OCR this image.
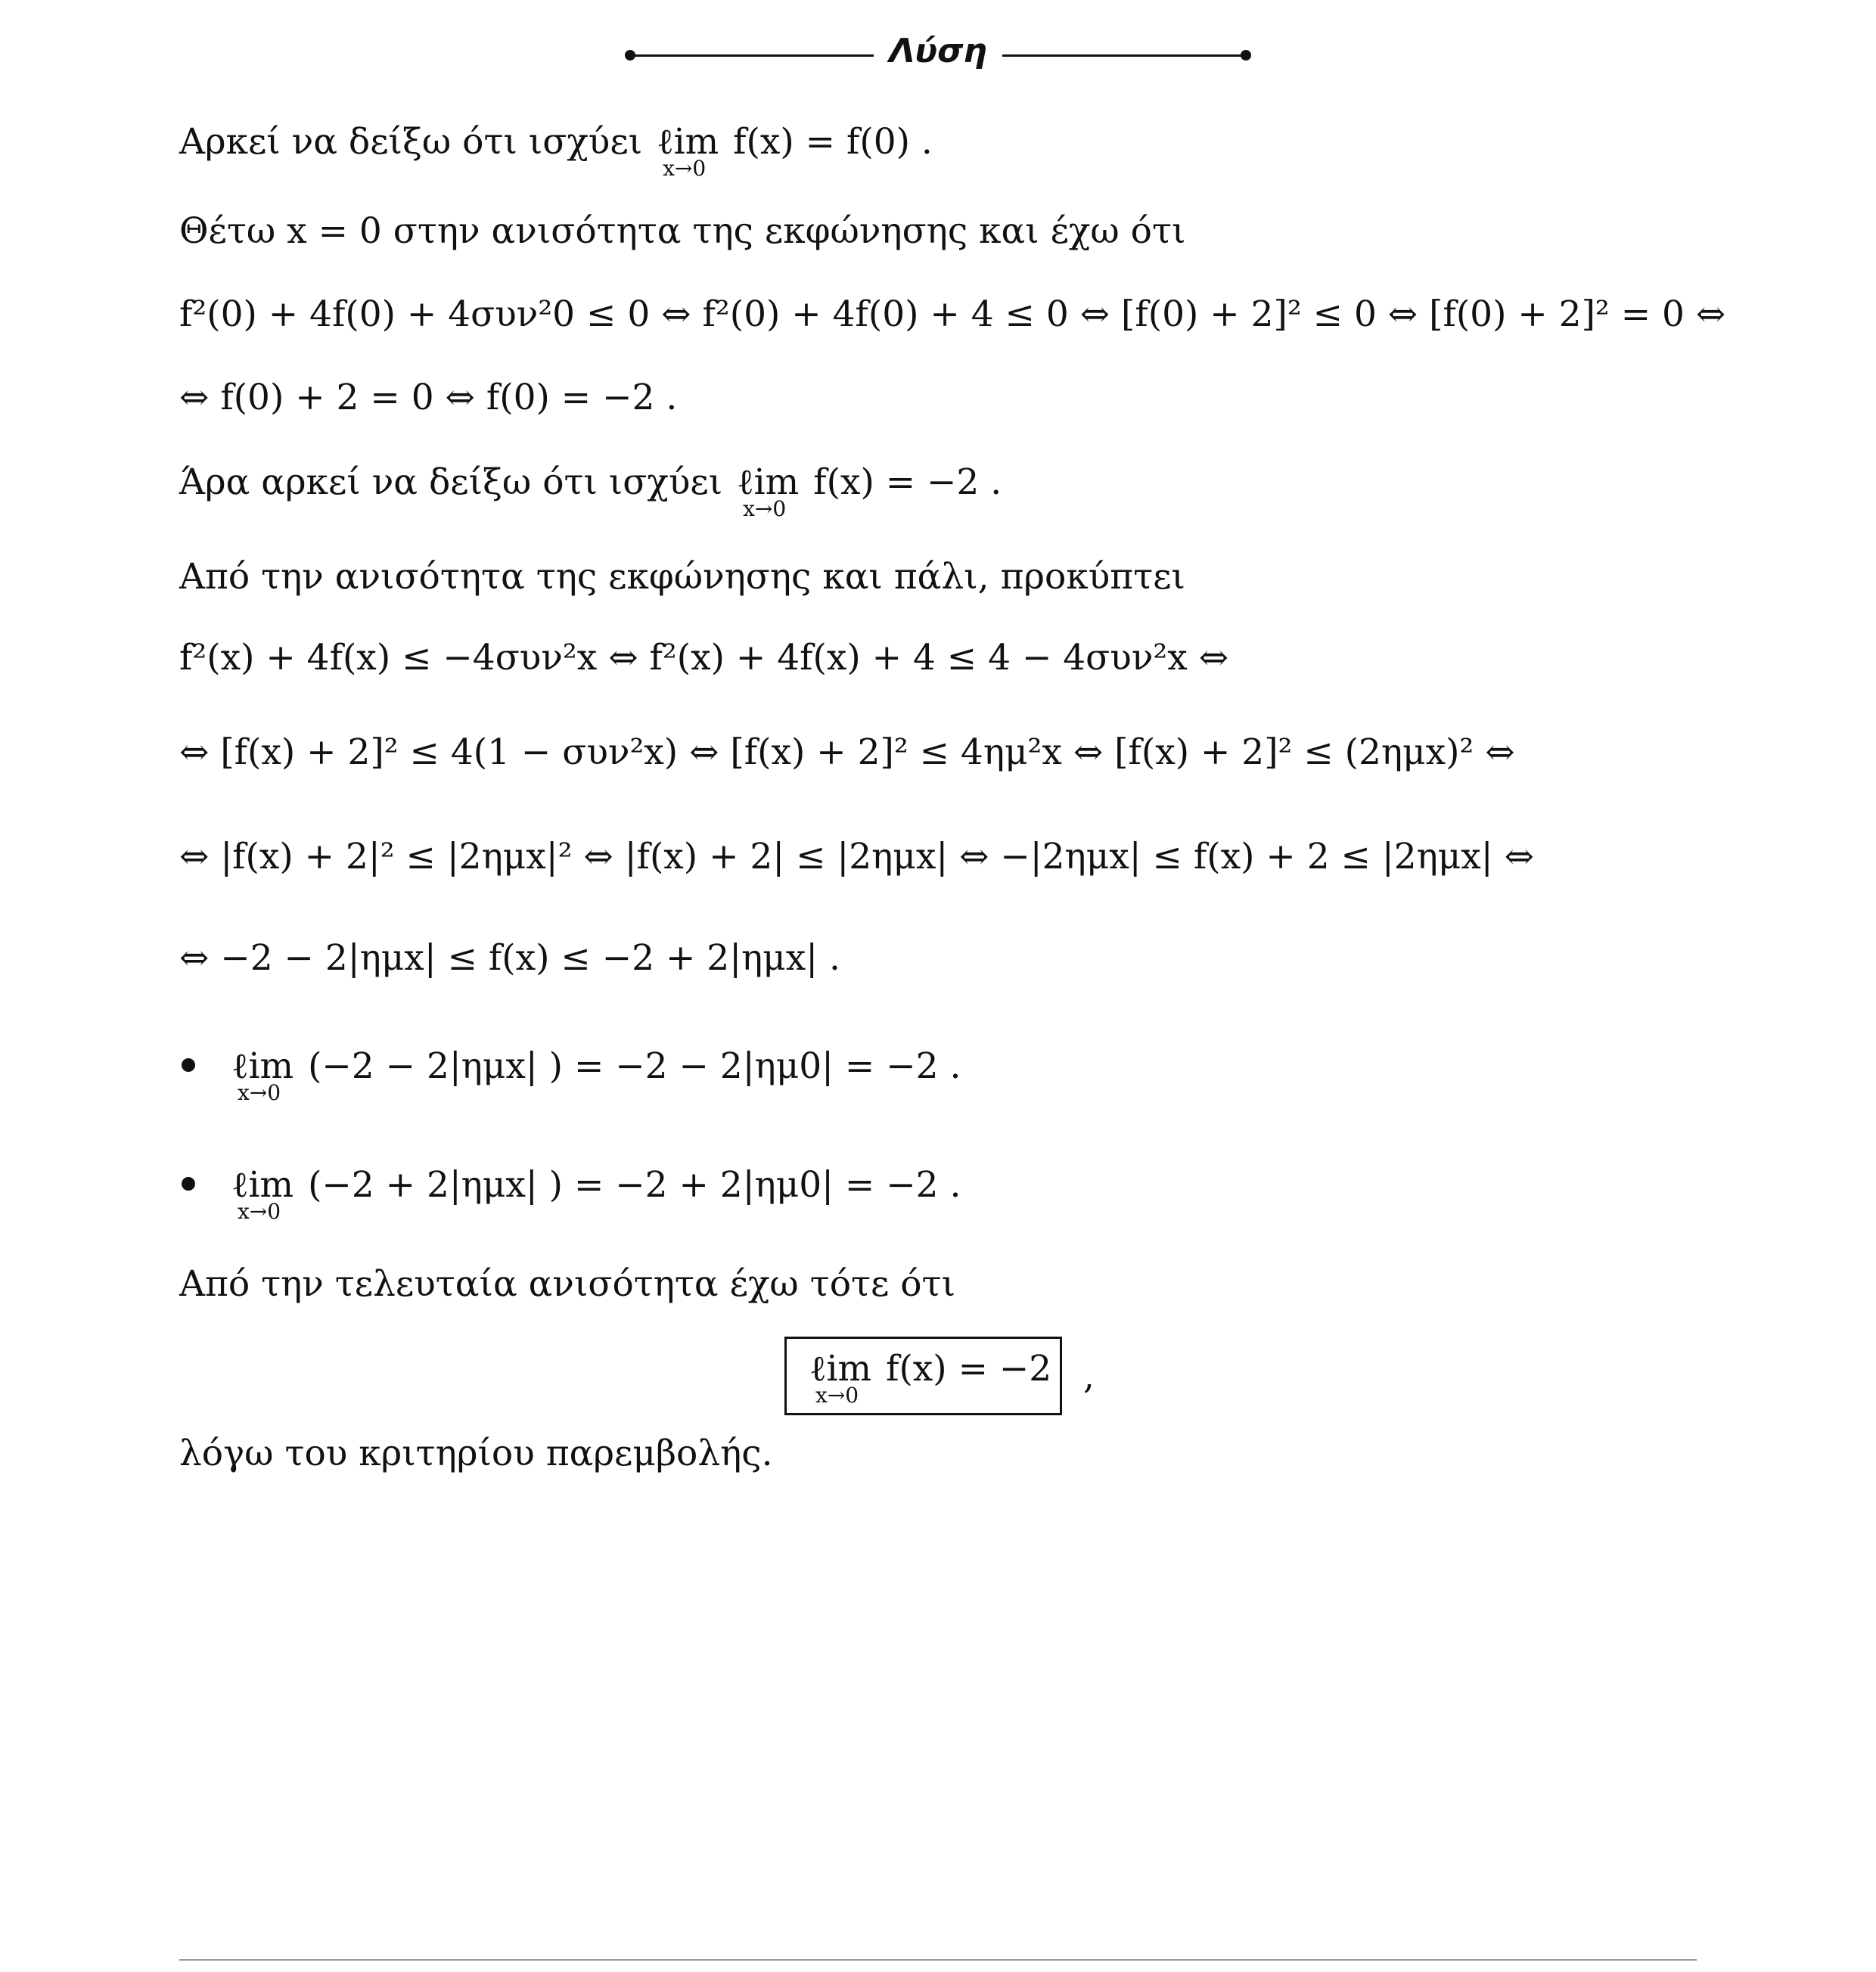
Λύση
Αρκεί να δείξω ότι ισχύει ℓim
x→0
f(x) = f(0) .
Θέτω x = 0 στην ανισότητα της εκφώνησης και έχω ότι
f²(0) + 4f(0) + 4συν²0 ≤ 0 ⇔ f²(0) + 4f(0) + 4 ≤ 0 ⇔ [f(0) + 2]² ≤ 0 ⇔ [f(0) + 2]² = 0 ⇔
⇔ f(0) + 2 = 0 ⇔ f(0) = −2 .
Άρα αρκεί να δείξω ότι ισχύει ℓim
x→0
f(x) = −2 .
Από την ανισότητα της εκφώνησης και πάλι, προκύπτει
f²(x) + 4f(x) ≤ −4συν²x ⇔ f²(x) + 4f(x) + 4 ≤ 4 − 4συν²x ⇔
⇔ [f(x) + 2]² ≤ 4(1 − συν²x) ⇔ [f(x) + 2]² ≤ 4ημ²x ⇔ [f(x) + 2]² ≤ (2ημx)² ⇔
⇔ |f(x) + 2|² ≤ |2ημx|² ⇔ |f(x) + 2| ≤ |2ημx| ⇔ −|2ημx| ≤ f(x) + 2 ≤ |2ημx| ⇔
⇔ −2 − 2|ημx| ≤ f(x) ≤ −2 + 2|ημx| .
ℓim
x→0
(−2 − 2|ημx| ) = −2 − 2|ημ0| = −2 .
ℓim
x→0
(−2 + 2|ημx| ) = −2 + 2|ημ0| = −2 .
Από την τελευταία ανισότητα έχω τότε ότι
ℓim
x→0
f(x) = −2 ,
λόγω του κριτηρίου παρεμβολής.
